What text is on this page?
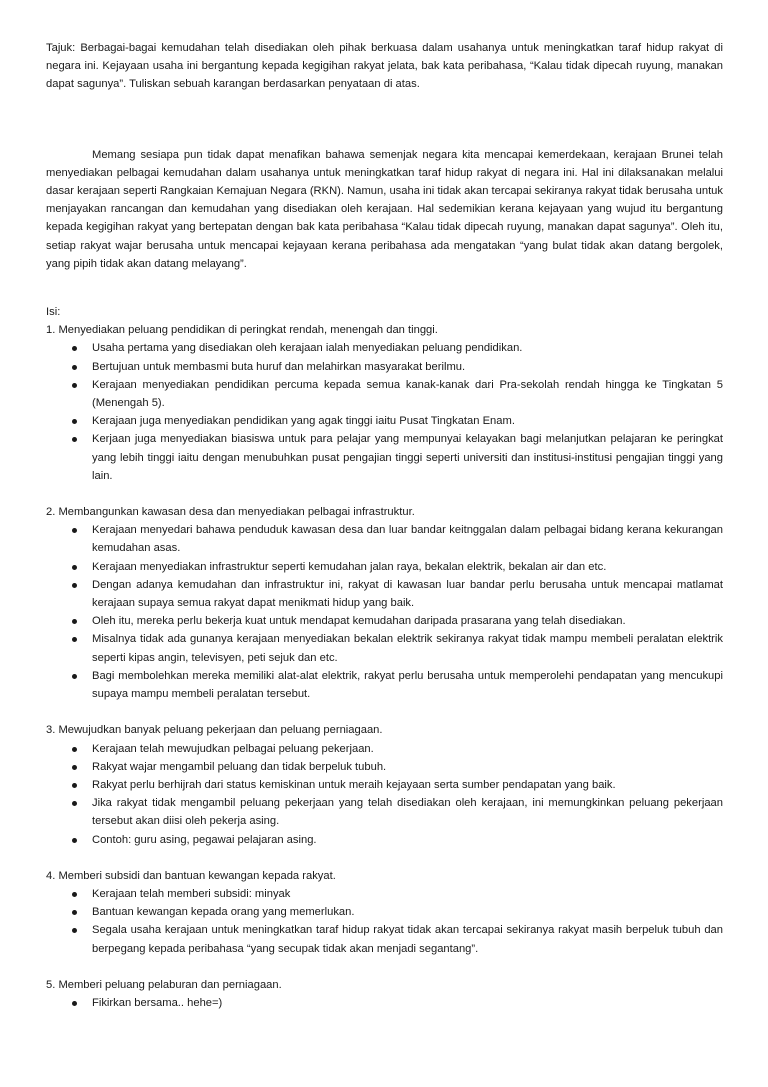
Tajuk: Berbagai-bagai kemudahan telah disediakan oleh pihak berkuasa dalam usahanya untuk meningkatkan taraf hidup rakyat di negara ini. Kejayaan usaha ini bergantung kepada kegigihan rakyat jelata, bak kata peribahasa, “Kalau tidak dipecah ruyung, manakan dapat sagunya”. Tuliskan sebuah karangan berdasarkan penyataan di atas.

Memang sesiapa pun tidak dapat menafikan bahawa semenjak negara kita mencapai kemerdekaan, kerajaan Brunei telah menyediakan pelbagai kemudahan dalam usahanya untuk meningkatkan taraf hidup rakyat di negara ini. Hal ini dilaksanakan melalui dasar kerajaan seperti Rangkaian Kemajuan Negara (RKN). Namun, usaha ini tidak akan tercapai sekiranya rakyat tidak berusaha untuk menjayakan rancangan dan kemudahan yang disediakan oleh kerajaan. Hal sedemikian kerana kejayaan yang wujud itu bergantung kepada kegigihan rakyat yang bertepatan dengan bak kata peribahasa “Kalau tidak dipecah ruyung, manakan dapat sagunya”. Oleh itu, setiap rakyat wajar berusaha untuk mencapai kejayaan kerana peribahasa ada mengatakan “yang bulat tidak akan datang bergolek, yang pipih tidak akan datang melayang”.

Isi:

1. Menyediakan peluang pendidikan di peringkat rendah, menengah dan tinggi.

Usaha pertama yang disediakan oleh kerajaan ialah menyediakan peluang pendidikan.
Bertujuan untuk membasmi buta huruf dan melahirkan masyarakat berilmu.
Kerajaan menyediakan pendidikan percuma kepada semua kanak-kanak dari Pra-sekolah rendah hingga ke Tingkatan 5 (Menengah 5).
Kerajaan juga menyediakan pendidikan yang agak tinggi iaitu Pusat Tingkatan Enam.
Kerjaan juga menyediakan biasiswa untuk para pelajar yang mempunyai kelayakan bagi melanjutkan pelajaran ke peringkat yang lebih tinggi iaitu dengan menubuhkan pusat pengajian tinggi seperti universiti dan institusi-institusi pengajian tinggi yang lain.

2. Membangunkan kawasan desa dan menyediakan pelbagai infrastruktur.

Kerajaan menyedari bahawa penduduk kawasan desa dan luar bandar keitnggalan dalam pelbagai bidang kerana kekurangan kemudahan asas.
Kerajaan menyediakan infrastruktur seperti kemudahan jalan raya, bekalan elektrik, bekalan air dan etc.
Dengan adanya kemudahan dan infrastruktur ini, rakyat di kawasan luar bandar perlu berusaha untuk mencapai matlamat kerajaan supaya semua rakyat dapat menikmati hidup yang baik.
Oleh itu, mereka perlu bekerja kuat untuk mendapat kemudahan daripada prasarana yang telah disediakan.
Misalnya tidak ada gunanya kerajaan menyediakan bekalan elektrik sekiranya rakyat tidak mampu membeli peralatan elektrik seperti kipas angin, televisyen, peti sejuk dan etc.
Bagi membolehkan mereka memiliki alat-alat elektrik, rakyat perlu berusaha untuk memperolehi pendapatan yang mencukupi supaya mampu membeli peralatan tersebut.

3. Mewujudkan banyak peluang pekerjaan dan peluang perniagaan.

Kerajaan telah mewujudkan pelbagai peluang pekerjaan.
Rakyat wajar mengambil peluang dan tidak berpeluk tubuh.
Rakyat perlu berhijrah dari status kemiskinan untuk meraih kejayaan serta sumber pendapatan yang baik.
Jika rakyat tidak mengambil peluang pekerjaan yang telah disediakan oleh kerajaan, ini memungkinkan peluang pekerjaan tersebut akan diisi oleh pekerja asing.
Contoh: guru asing, pegawai pelajaran asing.

4. Memberi subsidi dan bantuan kewangan kepada rakyat.

Kerajaan telah memberi subsidi: minyak
Bantuan kewangan kepada orang yang memerlukan.
Segala usaha kerajaan untuk meningkatkan taraf hidup rakyat tidak akan tercapai sekiranya rakyat masih berpeluk tubuh dan berpegang kepada peribahasa “yang secupak tidak akan menjadi segantang”.

5. Memberi peluang pelaburan dan perniagaan.

Fikirkan bersama.. hehe=)
